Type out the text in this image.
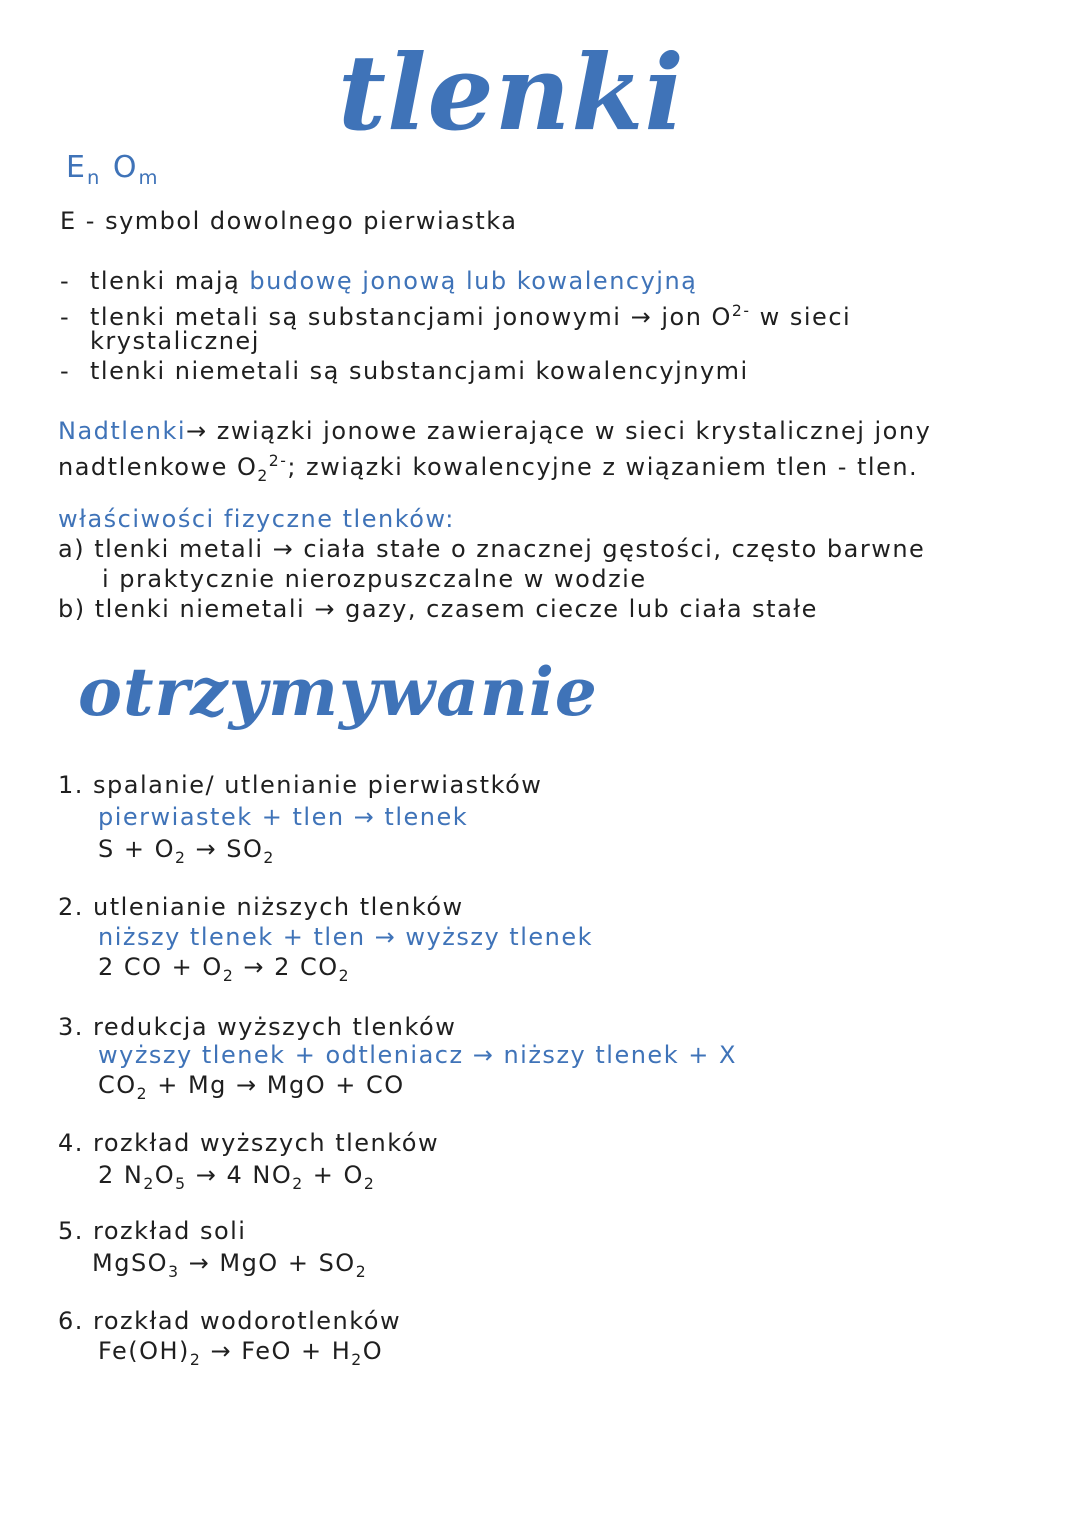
tlenki
$E_n$ $O_m$
E - symbol dowolnego pierwiastka
- tlenki mają budowę jonową lub kowalencyjną
- tlenki metali są substancjami jonowymi → jon $O^{2-}$ w sieci
krystalicznej
- tlenki niemetali są substancjami kowalencyjnymi
Nadtlenki→ związki jonowe zawierające w sieci krystalicznej jony
nadtlenkowe $O_2^{2-}$; związki kowalencyjne z wiązaniem tlen - tlen.
właściwości fizyczne tlenków:
a) tlenki metali → ciała stałe o znacznej gęstości, często barwne
i praktycznie nierozpuszczalne w wodzie
b) tlenki niemetali → gazy, czasem ciecze lub ciała stałe
otrzymywanie
1. spalanie/ utlenianie pierwiastków
pierwiastek + tlen → tlenek
$S + O_2 \to SO_2$
2. utlenianie niższych tlenków
niższy tlenek + tlen → wyższy tlenek
2 CO + $O_2 \to 2$ $CO_2$
3. redukcja wyższych tlenków
wyższy tlenek + odtleniacz → niższy tlenek + X
$CO_2 + Mg$ → MgO + CO
4. rozkład wyższych tlenków
2 $N_2O_5 \to 4$ $NO_2 + O_2$
5. rozkład soli
MgSO$_3$ → MgO + $SO_2$
6. rozkład wodorotlenków
$Fe(OH)_2$ → FeO + $H_2O$
